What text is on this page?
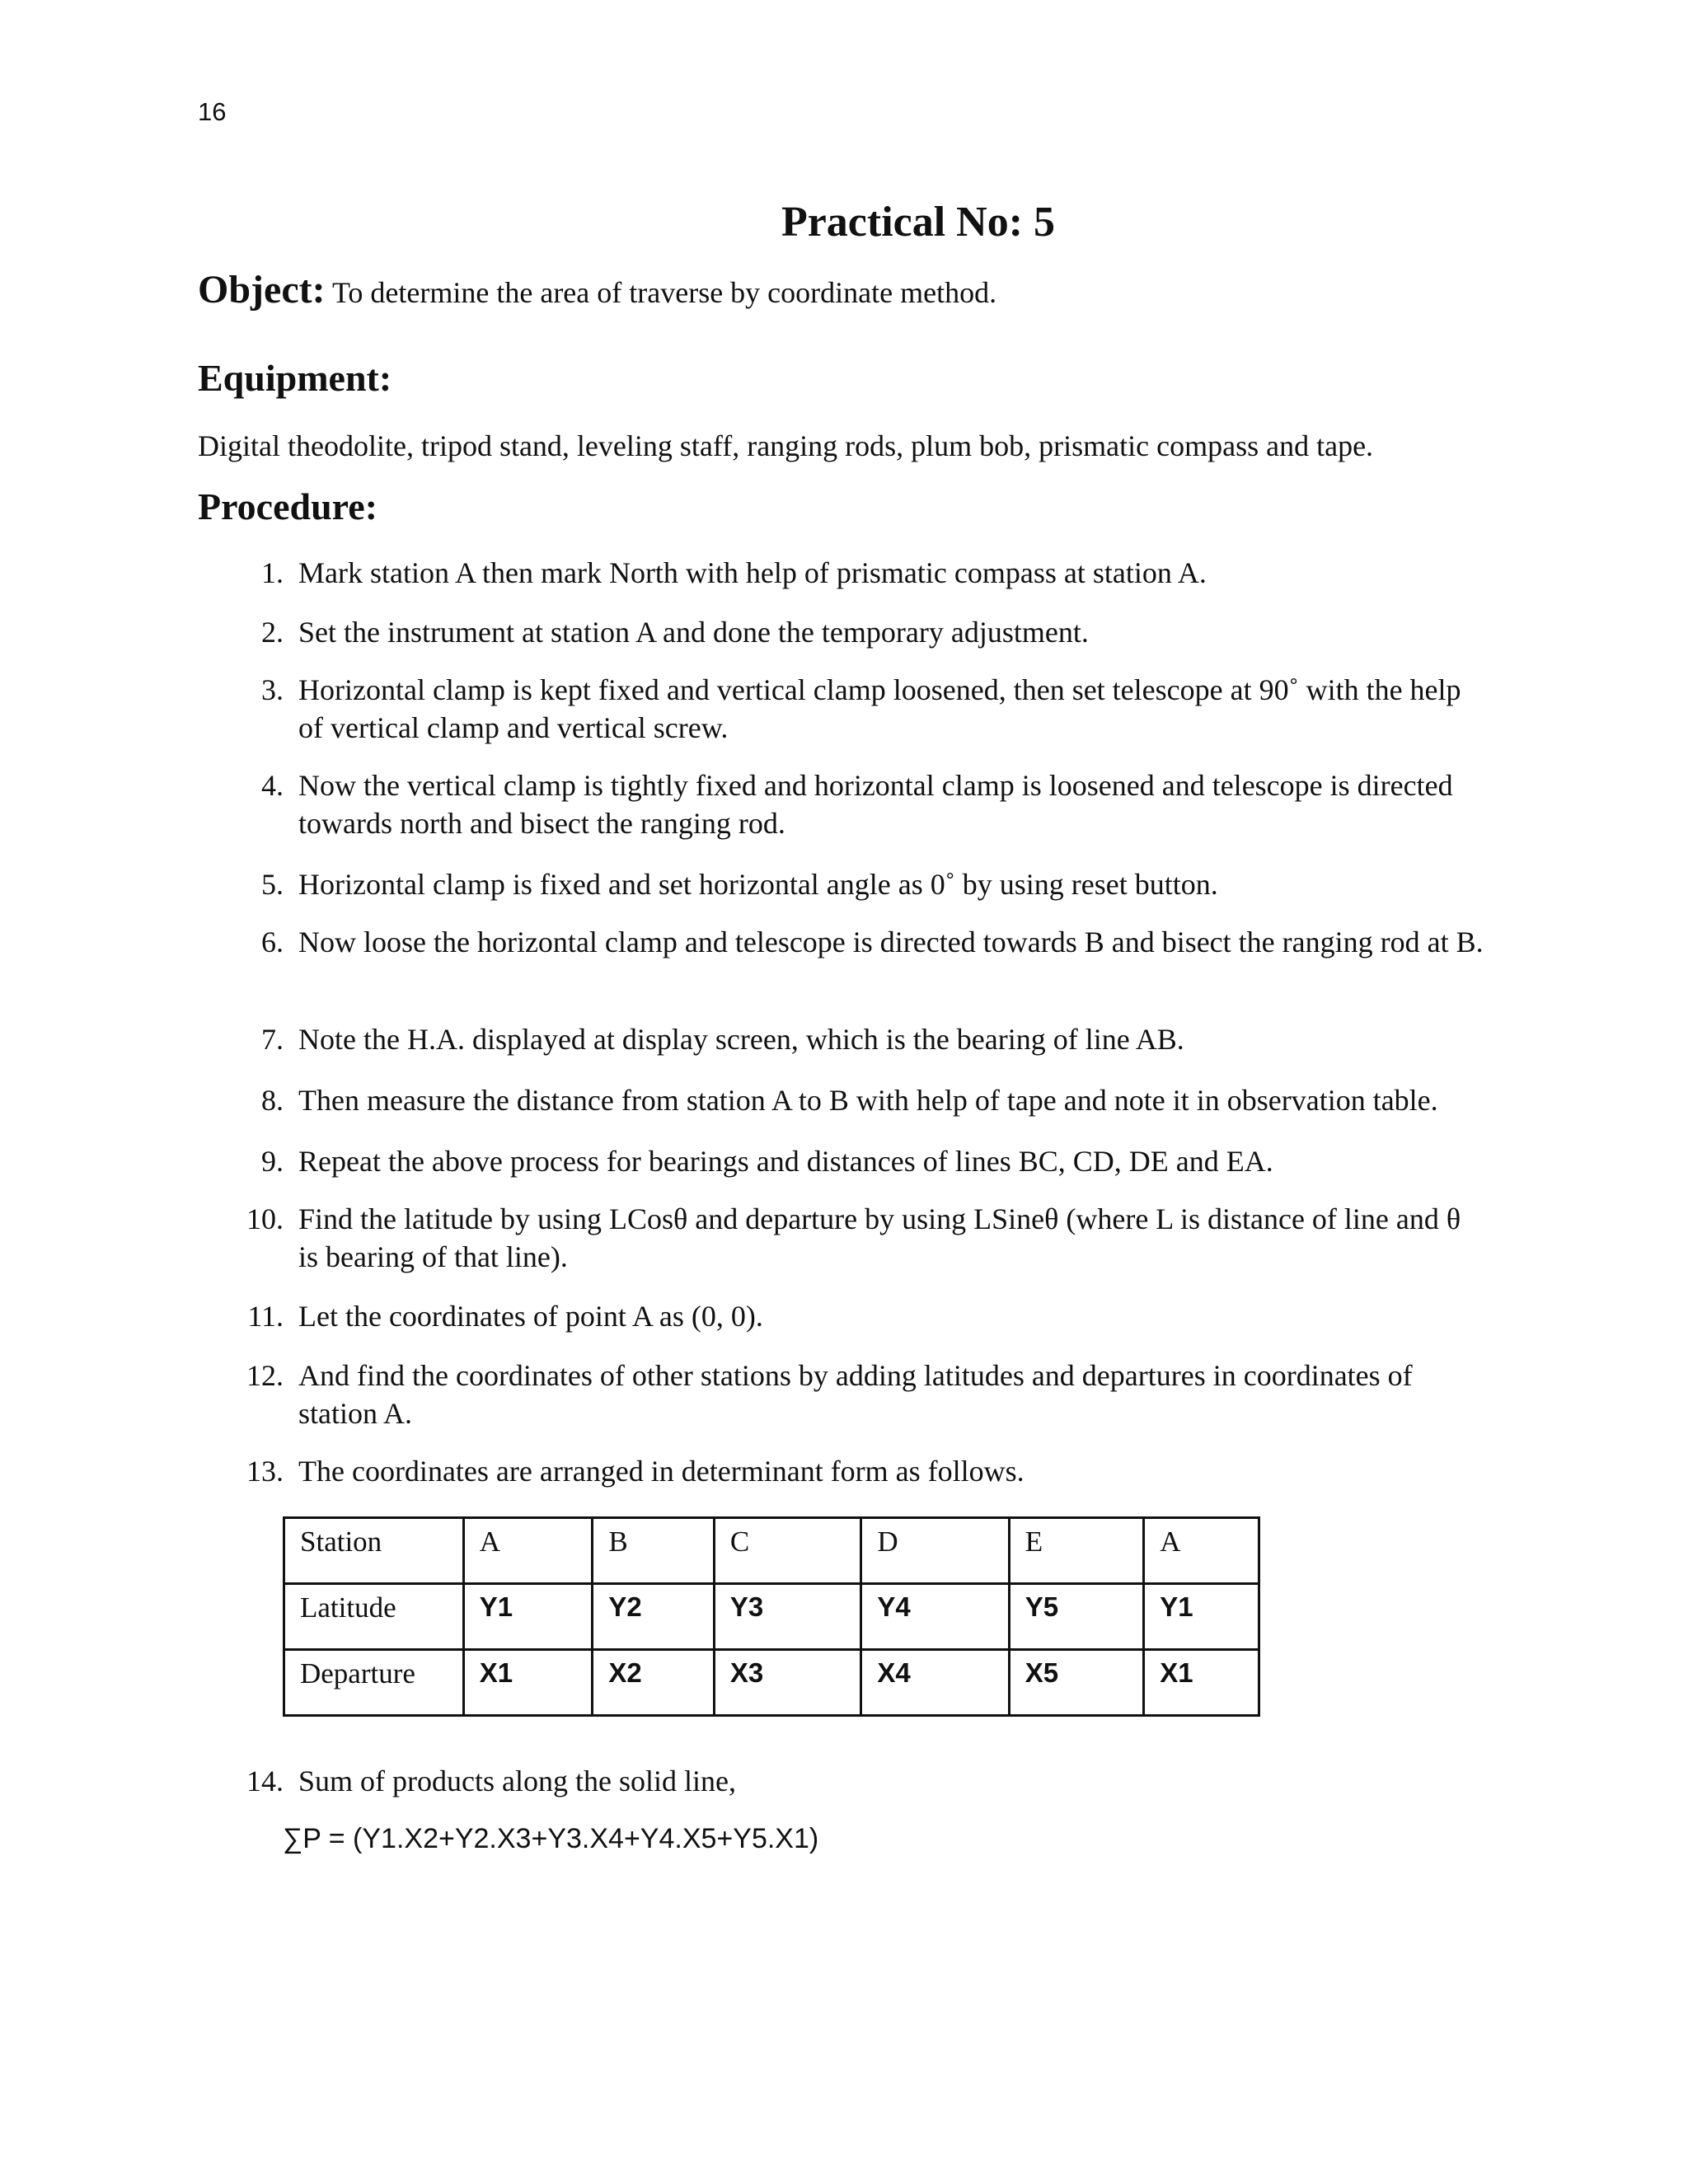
16
Practical No: 5
Object: To determine the area of traverse by coordinate method.
Equipment:
Digital theodolite, tripod stand, leveling staff, ranging rods, plum bob, prismatic compass and tape.
Procedure:
1. Mark station A then mark North with help of prismatic compass at station A.
2. Set the instrument at station A and done the temporary adjustment.
3. Horizontal clamp is kept fixed and vertical clamp loosened, then set telescope at 90˚ with the help of vertical clamp and vertical screw.
4. Now the vertical clamp is tightly fixed and horizontal clamp is loosened and telescope is directed towards north and bisect the ranging rod.
5. Horizontal clamp is fixed and set horizontal angle as 0˚ by using reset button.
6. Now loose the horizontal clamp and telescope is directed towards B and bisect the ranging rod at B.
7. Note the H.A. displayed at display screen, which is the bearing of line AB.
8. Then measure the distance from station A to B with help of tape and note it in observation table.
9. Repeat the above process for bearings and distances of lines BC, CD, DE and EA.
10. Find the latitude by using LCosθ and departure by using LSineθ (where L is distance of line and θ is bearing of that line).
11. Let the coordinates of point A as (0, 0).
12. And find the coordinates of other stations by adding latitudes and departures in coordinates of station A.
13. The coordinates are arranged in determinant form as follows.
14. Sum of products along the solid line,
Station	A	B	C	D	E	A
Latitude	Y1	Y2	Y3	Y4	Y5	Y1
Departure	X1	X2	X3	X4	X5	X1
∑P = (Y1.X2+Y2.X3+Y3.X4+Y4.X5+Y5.X1)
